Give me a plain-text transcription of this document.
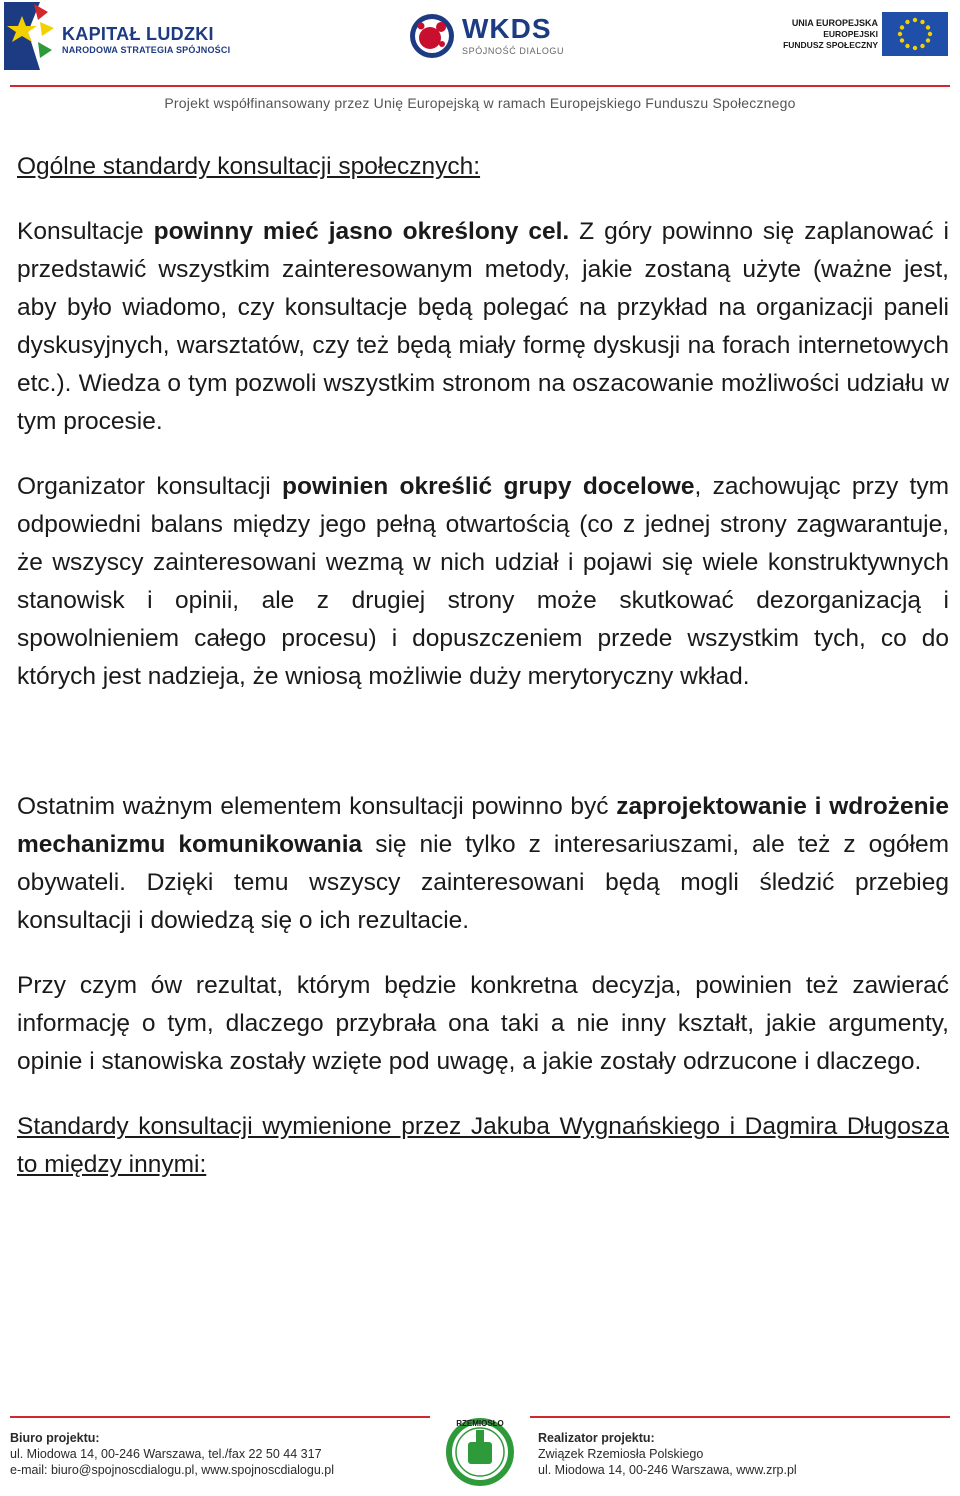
KAPITAŁ LUDZKI
NARODOWA STRATEGIA SPÓJNOŚCI
WKDS
SPÓJNOŚĆ DIALOGU
UNIA EUROPEJSKA
EUROPEJSKI
FUNDUSZ SPOŁECZNY
Projekt współfinansowany przez Unię Europejską w ramach Europejskiego Funduszu Społecznego

Ogólne standardy konsultacji społecznych:

Konsultacje powinny mieć jasno określony cel. Z góry powinno się zaplanować i przedstawić wszystkim zainteresowanym metody, jakie zostaną użyte (ważne jest, aby było wiadomo, czy konsultacje będą polegać na przykład na organizacji paneli dyskusyjnych, warsztatów, czy też będą miały formę dyskusji na forach internetowych etc.). Wiedza o tym pozwoli wszystkim stronom na oszacowanie możliwości udziału w tym procesie.

Organizator konsultacji powinien określić grupy docelowe, zachowując przy tym odpowiedni balans między jego pełną otwartością (co z jednej strony zagwarantuje, że wszyscy zainteresowani wezmą w nich udział i pojawi się wiele konstruktywnych stanowisk i opinii, ale z drugiej strony może skutkować dezorganizacją i spowolnieniem całego procesu) i dopuszczeniem przede wszystkim tych, co do których jest nadzieja, że wniosą możliwie duży merytoryczny wkład.

Ostatnim ważnym elementem konsultacji powinno być zaprojektowanie i wdrożenie mechanizmu komunikowania się nie tylko z interesariuszami, ale też z ogółem obywateli. Dzięki temu wszyscy zainteresowani będą mogli śledzić przebieg konsultacji i dowiedzą się o ich rezultacie.

Przy czym ów rezultat, którym będzie konkretna decyzja, powinien też zawierać informację o tym, dlaczego przybrała ona taki a nie inny kształt, jakie argumenty, opinie i stanowiska zostały wzięte pod uwagę, a jakie zostały odrzucone i dlaczego.

Standardy konsultacji wymienione przez Jakuba Wygnańskiego i Dagmira Długosza to między innymi:

Biuro projektu:
ul. Miodowa 14, 00-246 Warszawa, tel./fax 22 50 44 317
e-mail: biuro@spojnoscdialogu.pl, www.spojnoscdialogu.pl
RZEMIOSŁO
Realizator projektu:
Związek Rzemiosła Polskiego
ul. Miodowa 14, 00-246 Warszawa, www.zrp.pl
